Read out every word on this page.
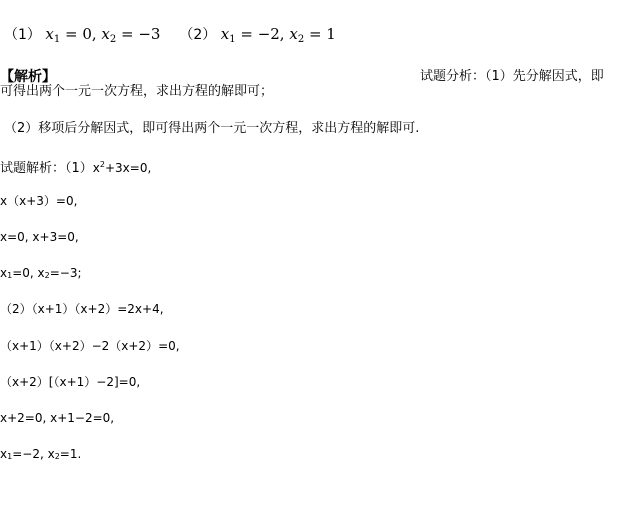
（1） $x_1 = 0$, $x_2 = -3$ （2） $x_1 = -2$, $x_2 = 1$
【解析】	试题分析：（1）先分解因式，即
可得出两个一元一次方程，求出方程的解即可；
（2）移项后分解因式，即可得出两个一元一次方程，求出方程的解即可.
试题解析：$(1)x^2+3x=0$,
x（x+3）=0,
x=0, x+3=0,
$x_1=0$, $x_2=-3$;
（2）（x+1）（x+2）=2x+4,
（x+1）（x+2）−2（x+2）=0,
（x+2）[（x+1）−2]=0,
x+2=0, x+1−2=0,
$x_1=-2$, $x_2=1$.
